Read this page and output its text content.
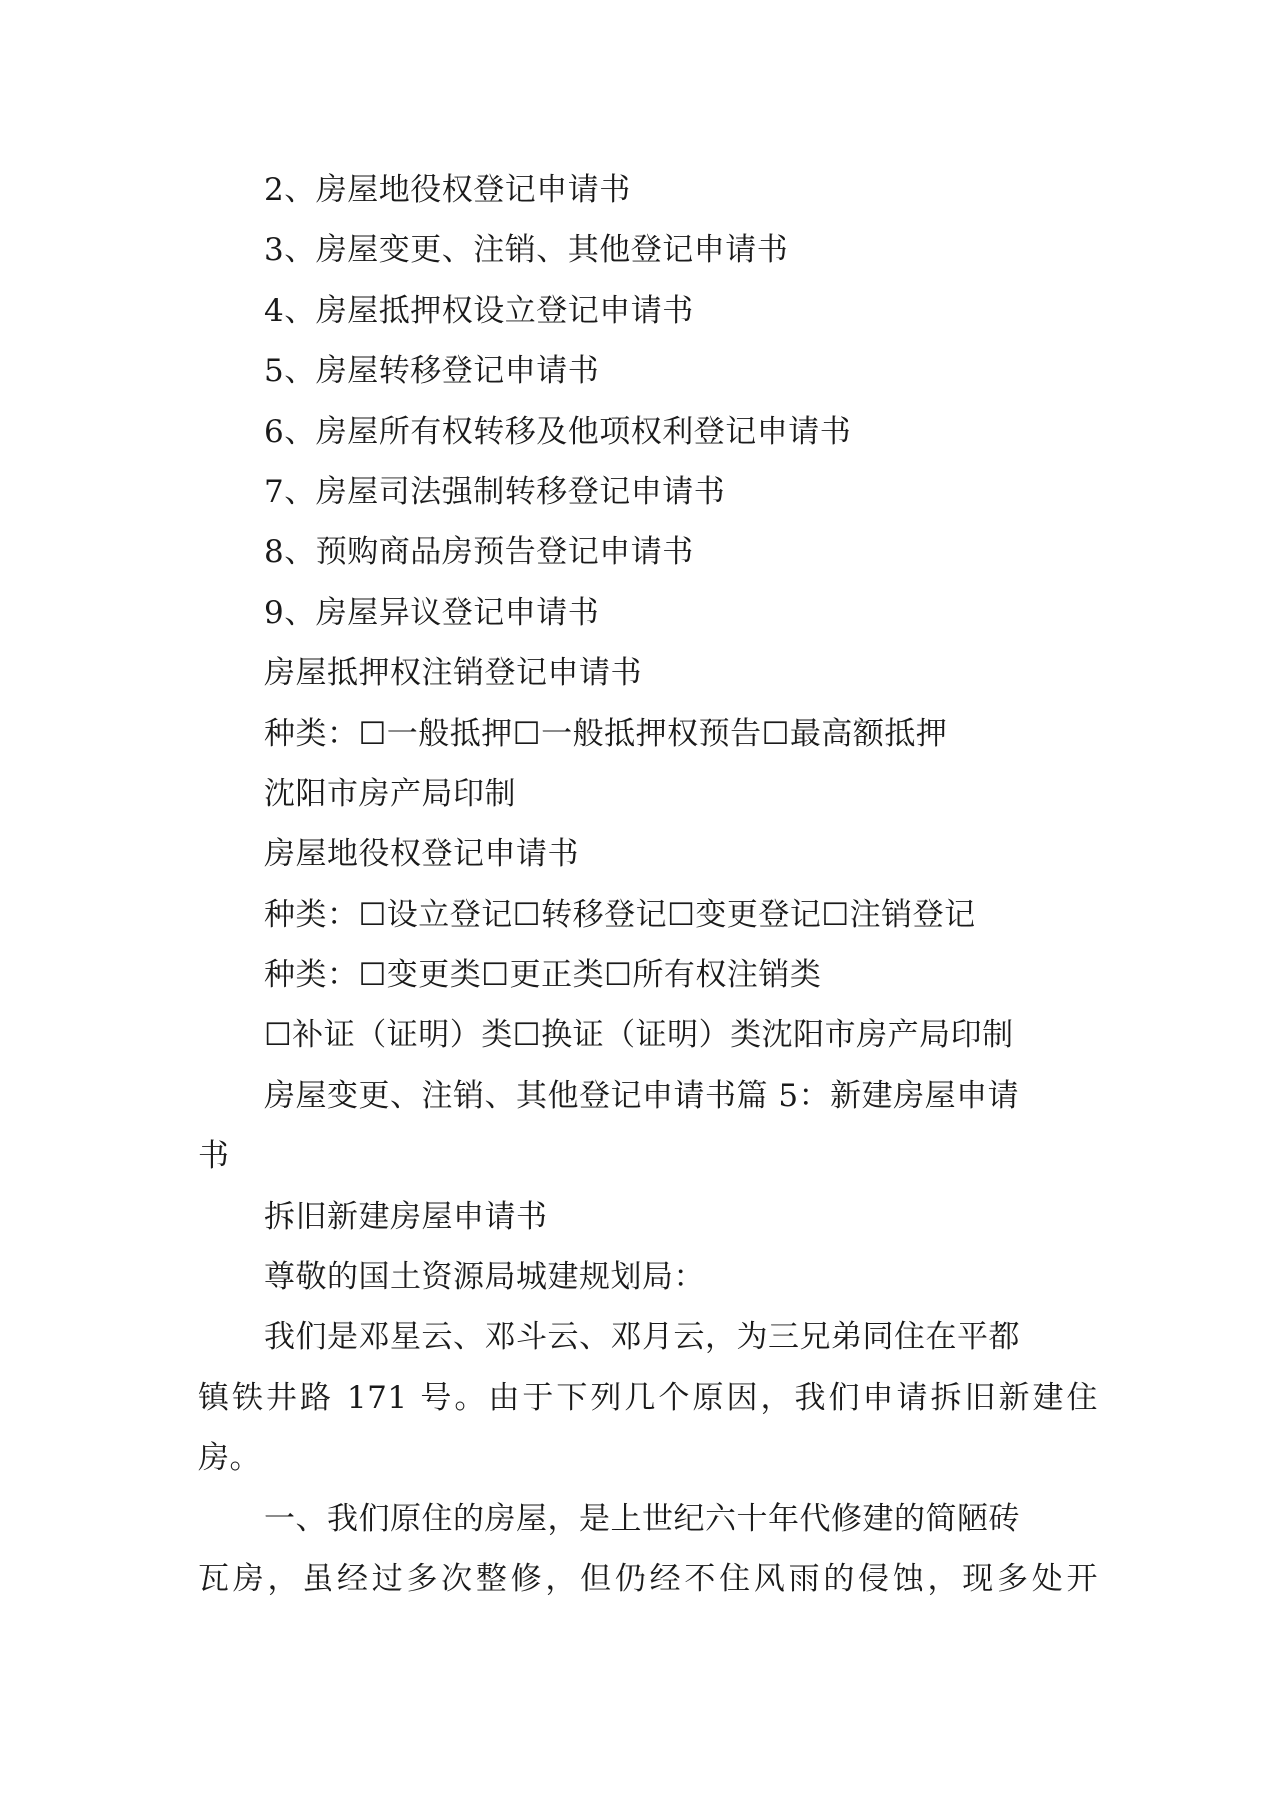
2、房屋地役权登记申请书
3、房屋变更、注销、其他登记申请书
4、房屋抵押权设立登记申请书
5、房屋转移登记申请书
6、房屋所有权转移及他项权利登记申请书
7、房屋司法强制转移登记申请书
8、预购商品房预告登记申请书
9、房屋异议登记申请书
房屋抵押权注销登记申请书
种类：☐一般抵押☐一般抵押权预告☐最高额抵押
沈阳市房产局印制
房屋地役权登记申请书
种类：☐设立登记☐转移登记☐变更登记☐注销登记
种类：☐变更类☐更正类☐所有权注销类
☐补证（证明）类☐换证（证明）类沈阳市房产局印制
房屋变更、注销、其他登记申请书篇 5：新建房屋申请
书
拆旧新建房屋申请书
尊敬的国土资源局城建规划局：
我们是邓星云、邓斗云、邓月云，为三兄弟同住在平都
镇铁井路 171 号。由于下列几个原因，我们申请拆旧新建住
房。
一、我们原住的房屋，是上世纪六十年代修建的简陋砖
瓦房，虽经过多次整修，但仍经不住风雨的侵蚀，现多处开
